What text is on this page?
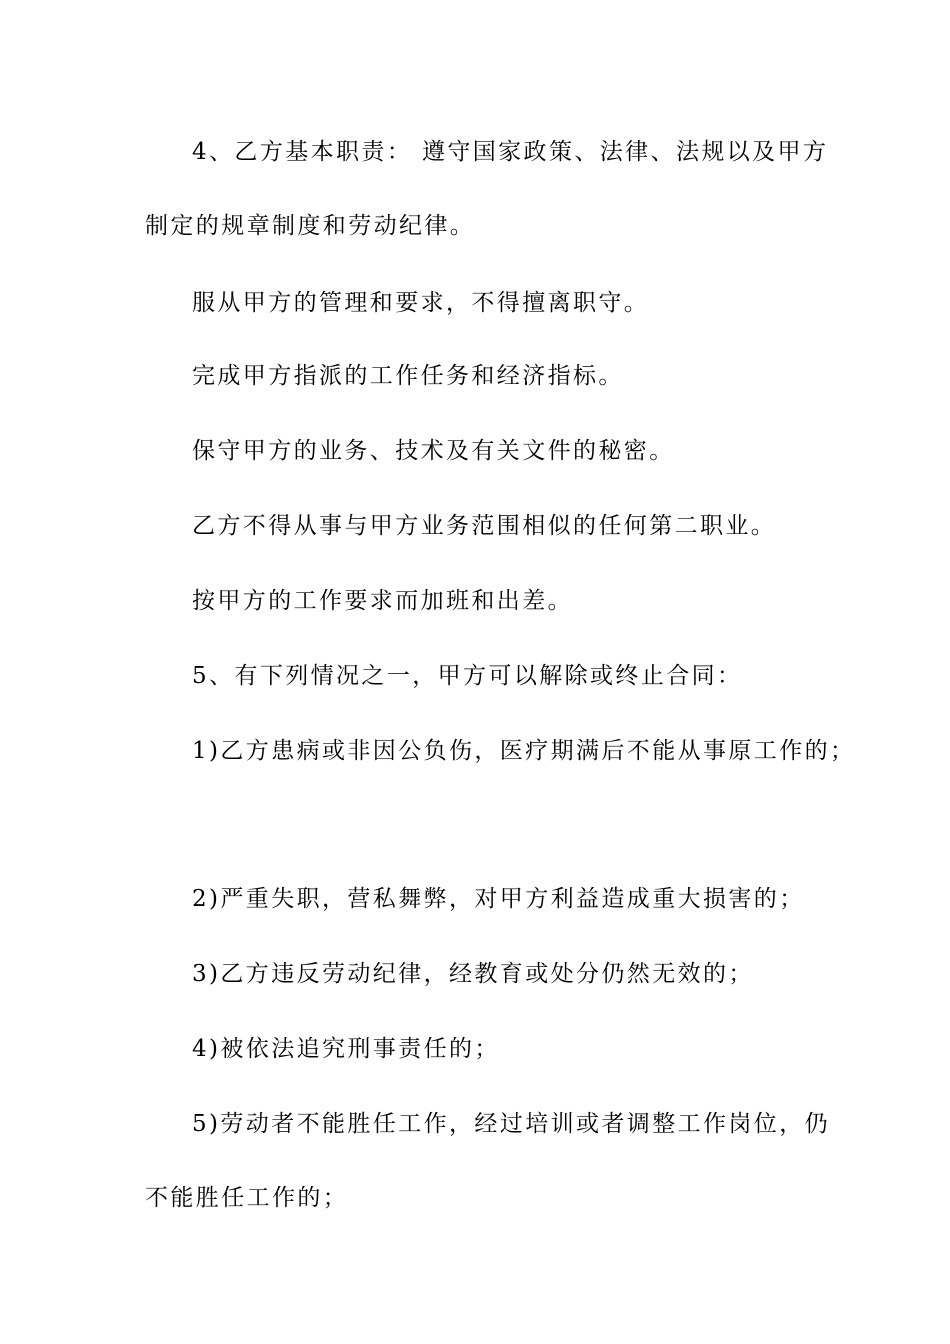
4、乙方基本职责： 遵守国家政策、法律、法规以及甲方
制定的规章制度和劳动纪律。
服从甲方的管理和要求，不得擅离职守。
完成甲方指派的工作任务和经济指标。
保守甲方的业务、技术及有关文件的秘密。
乙方不得从事与甲方业务范围相似的任何第二职业。
按甲方的工作要求而加班和出差。
5、有下列情况之一，甲方可以解除或终止合同：
1)乙方患病或非因公负伤，医疗期满后不能从事原工作的；
2)严重失职，营私舞弊，对甲方利益造成重大损害的；
3)乙方违反劳动纪律，经教育或处分仍然无效的；
4)被依法追究刑事责任的；
5)劳动者不能胜任工作，经过培训或者调整工作岗位，仍
不能胜任工作的；
